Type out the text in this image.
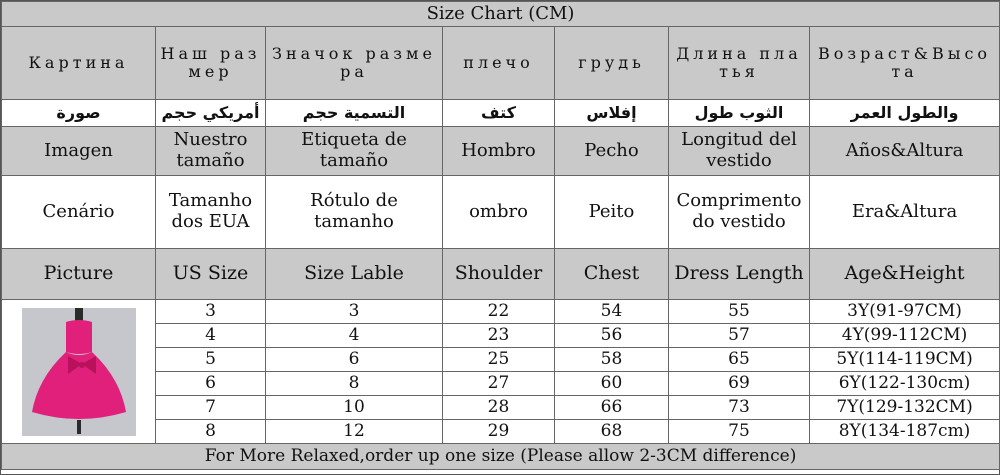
Size Chart (CM)						
Картина	Наш размер	Значок размера	плечо	грудь	Длина платья	Возраст&Высота
صورة	أمريكي حجم	التسمية حجم	كتف	إفلاس	الثوب طول	والطول العمر
Imagen	Nuestro tamaño	Etiqueta de tamaño	Hombro	Pecho	Longitud del vestido	Años&Altura
Cenário	Tamanho dos EUA	Rótulo de tamanho	ombro	Peito	Comprimento do vestido	Era&Altura
Picture	US Size	Size Lable	Shoulder	Chest	Dress Length	Age&Height

	3	3	22	54	55	3Y(91-97CM)
	4	4	23	56	57	4Y(99-112CM)
	5	6	25	58	65	5Y(114-119CM)
	6	8	27	60	69	6Y(122-130cm)
	7	10	28	66	73	7Y(129-132CM)
	8	12	29	68	75	8Y(134-187cm)
For More Relaxed,order up one size (Please allow 2-3CM difference)						
